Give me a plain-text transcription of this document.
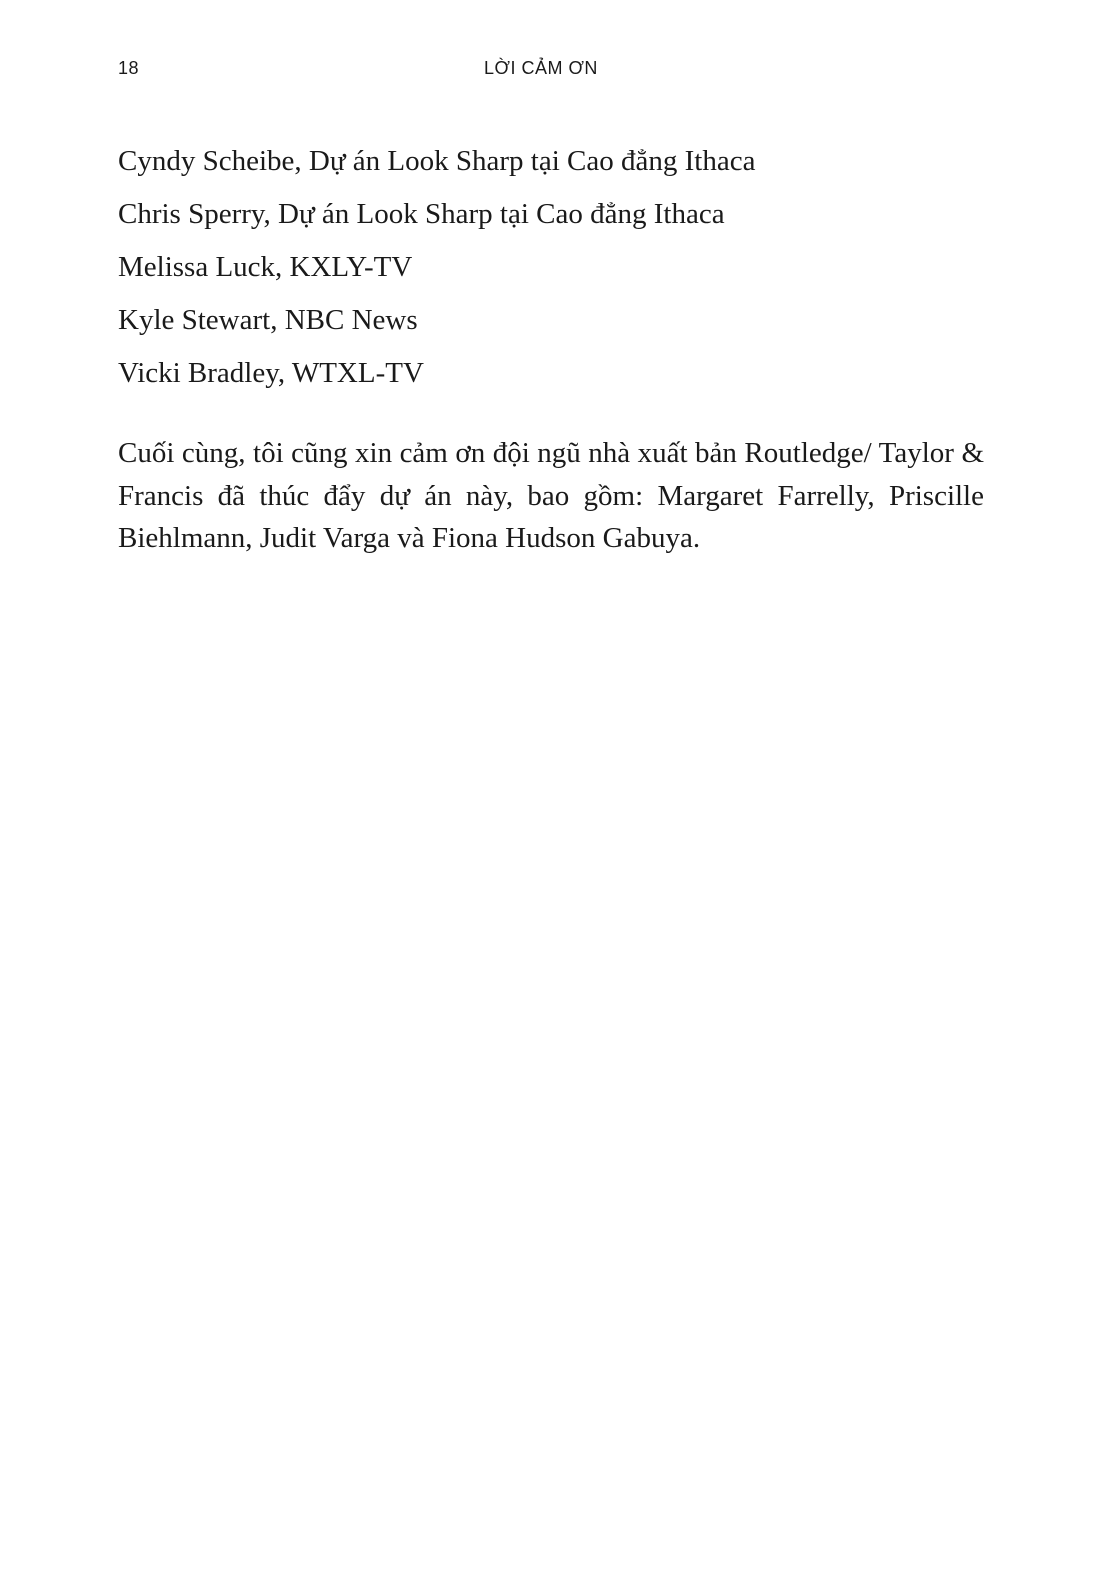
18	LỜI CẢM ƠN
Cyndy Scheibe, Dự án Look Sharp tại Cao đẳng Ithaca
Chris Sperry, Dự án Look Sharp tại Cao đẳng Ithaca
Melissa Luck, KXLY-TV
Kyle Stewart, NBC News
Vicki Bradley, WTXL-TV

Cuối cùng, tôi cũng xin cảm ơn đội ngũ nhà xuất bản Routledge/ Taylor & Francis đã thúc đẩy dự án này, bao gồm: Margaret Farrelly, Priscille Biehlmann, Judit Varga và Fiona Hudson Gabuya.
